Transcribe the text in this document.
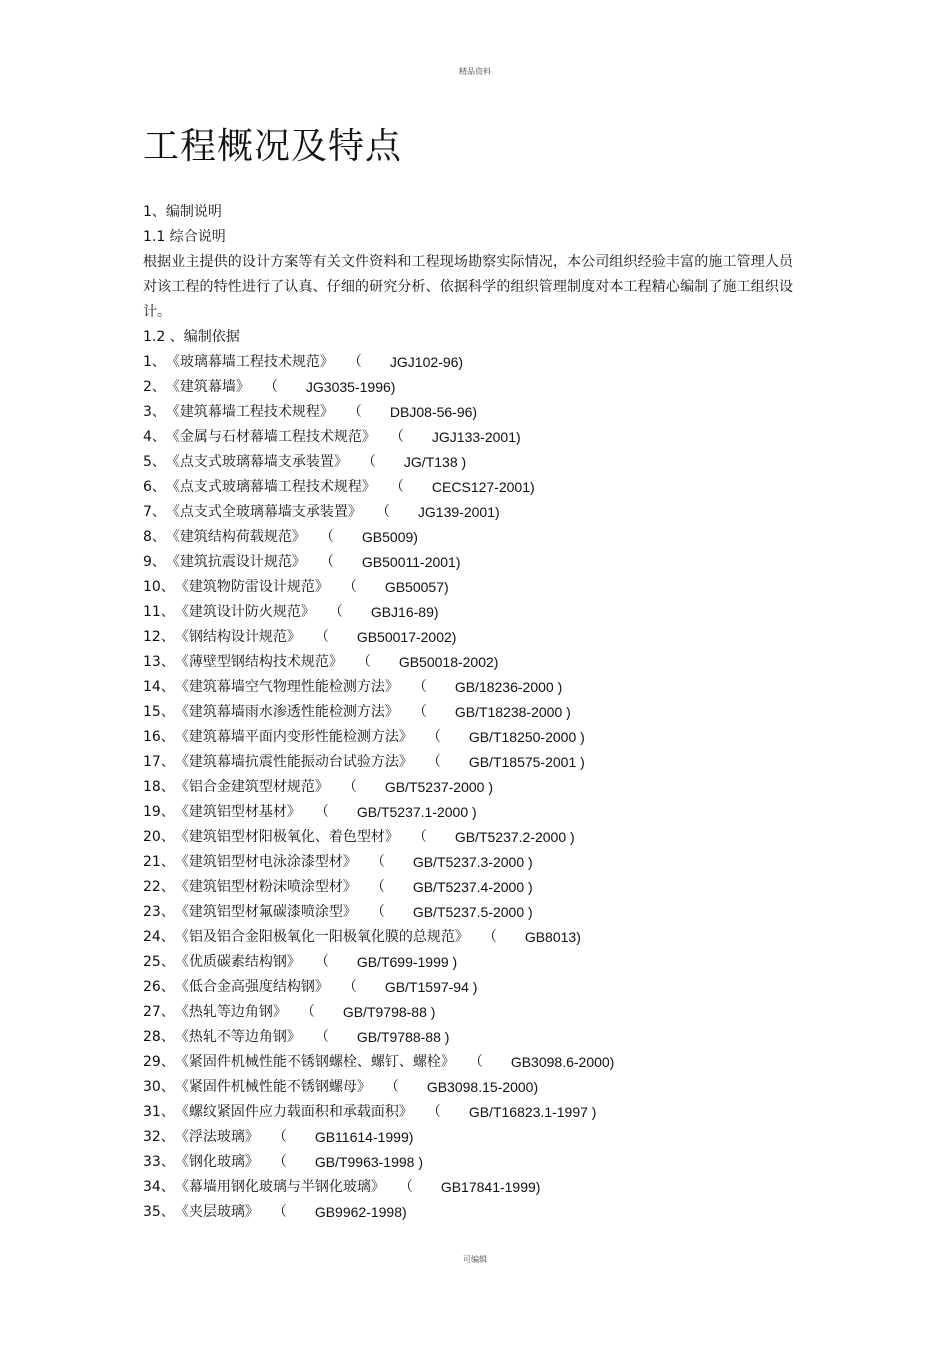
精品资料
工程概况及特点
1、编制说明
1.1 综合说明
根据业主提供的设计方案等有关文件资料和工程现场勘察实际情况，本公司组织经验丰富的施工管理人员对该工程的特性进行了认真、仔细的研究分析、依据科学的组织管理制度对本工程精心编制了施工组织设计。
1.2 、编制依据
1、 《玻璃幕墙工程技术规范》 （ JGJ102-96)
2、 《建筑幕墙》 （ JG3035-1996)
3、 《建筑幕墙工程技术规程》 （ DBJ08-56-96)
4、 《金属与石材幕墙工程技术规范》 （ JGJ133-2001)
5、 《点支式玻璃幕墙支承装置》 （ JG/T138 )
6、 《点支式玻璃幕墙工程技术规程》 （ CECS127-2001)
7、 《点支式全玻璃幕墙支承装置》 （ JG139-2001)
8、 《建筑结构荷载规范》 （ GB5009)
9、 《建筑抗震设计规范》 （ GB50011-2001)
10、 《建筑物防雷设计规范》 （ GB50057)
11、 《建筑设计防火规范》 （ GBJ16-89)
12、 《钢结构设计规范》 （ GB50017-2002)
13、 《薄壁型钢结构技术规范》 （ GB50018-2002)
14、 《建筑幕墙空气物理性能检测方法》 （ GB/18236-2000 )
15、 《建筑幕墙雨水渗透性能检测方法》 （ GB/T18238-2000 )
16、 《建筑幕墙平面内变形性能检测方法》 （ GB/T18250-2000 )
17、 《建筑幕墙抗震性能振动台试验方法》 （ GB/T18575-2001 )
18、 《铝合金建筑型材规范》 （ GB/T5237-2000 )
19、 《建筑铝型材基材》 （ GB/T5237.1-2000 )
20、 《建筑铝型材阳极氧化、着色型材》 （ GB/T5237.2-2000 )
21、 《建筑铝型材电泳涂漆型材》 （ GB/T5237.3-2000 )
22、 《建筑铝型材粉沫喷涂型材》 （ GB/T5237.4-2000 )
23、 《建筑铝型材氟碳漆喷涂型》 （ GB/T5237.5-2000 )
24、 《铝及铝合金阳极氧化一阳极氧化膜的总规范》 （ GB8013)
25、 《优质碳素结构钢》 （ GB/T699-1999 )
26、 《低合金高强度结构钢》 （ GB/T1597-94 )
27、 《热轧等边角钢》 （ GB/T9798-88 )
28、 《热轧不等边角钢》 （ GB/T9788-88 )
29、 《紧固件机械性能不锈钢螺栓、螺钉、螺栓》 （ GB3098.6-2000)
30、 《紧固件机械性能不锈钢螺母》 （ GB3098.15-2000)
31、 《螺纹紧固件应力载面积和承载面积》 （ GB/T16823.1-1997 )
32、 《浮法玻璃》 （ GB11614-1999)
33、 《钢化玻璃》 （ GB/T9963-1998 )
34、 《幕墙用钢化玻璃与半钢化玻璃》 （ GB17841-1999)
35、 《夹层玻璃》 （ GB9962-1998)
可编辑
